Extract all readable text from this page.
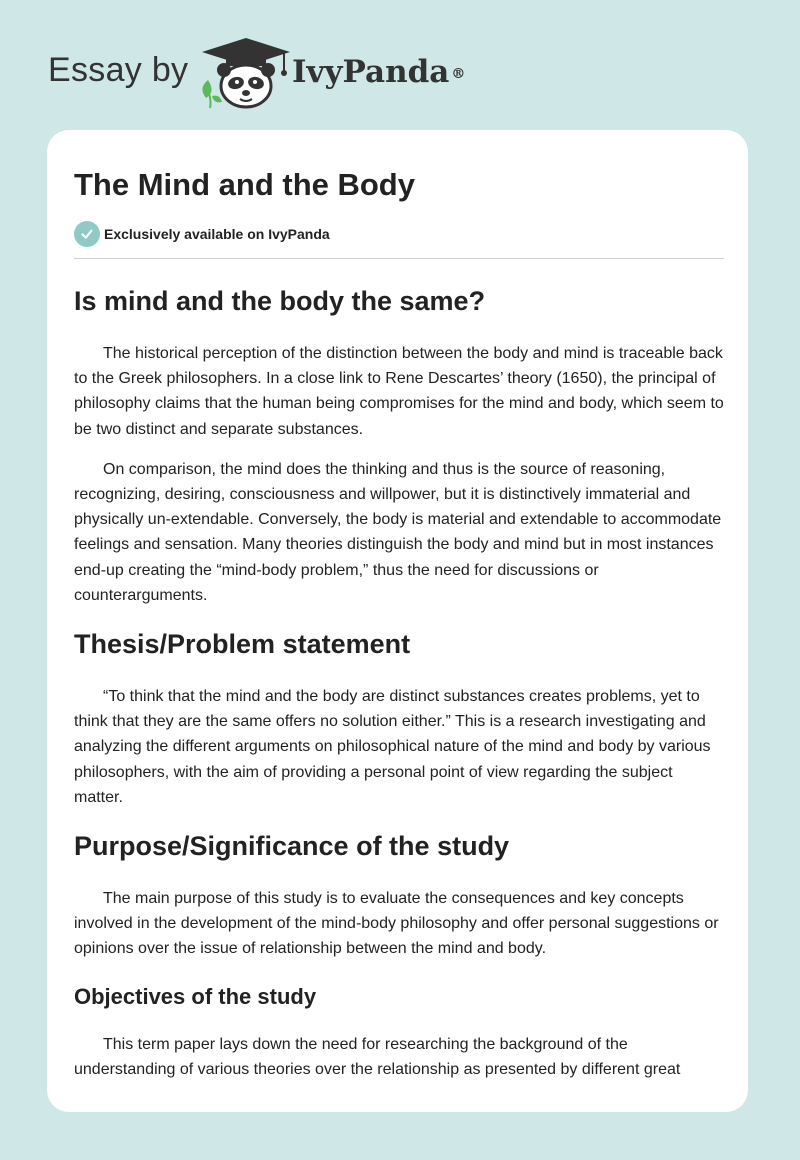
Essay by	IvyPanda ®
The Mind and the Body
Exclusively available on IvyPanda
Is mind and the body the same?

The historical perception of the distinction between the body and mind is traceable back to the Greek philosophers. In a close link to Rene Descartes’ theory (1650), the principal of philosophy claims that the human being compromises for the mind and body, which seem to be two distinct and separate substances.

On comparison, the mind does the thinking and thus is the source of reasoning, recognizing, desiring, consciousness and willpower, but it is distinctively immaterial and physically un-extendable. Conversely, the body is material and extendable to accommodate feelings and sensation. Many theories distinguish the body and mind but in most instances end-up creating the “mind-body problem,” thus the need for discussions or counterarguments.

Thesis/Problem statement

“To think that the mind and the body are distinct substances creates problems, yet to think that they are the same offers no solution either.” This is a research investigating and analyzing the different arguments on philosophical nature of the mind and body by various philosophers, with the aim of providing a personal point of view regarding the subject matter.

Purpose/Significance of the study

The main purpose of this study is to evaluate the consequences and key concepts involved in the development of the mind-body philosophy and offer personal suggestions or opinions over the issue of relationship between the mind and body.

Objectives of the study

This term paper lays down the need for researching the background of the understanding of various theories over the relationship as presented by different great
